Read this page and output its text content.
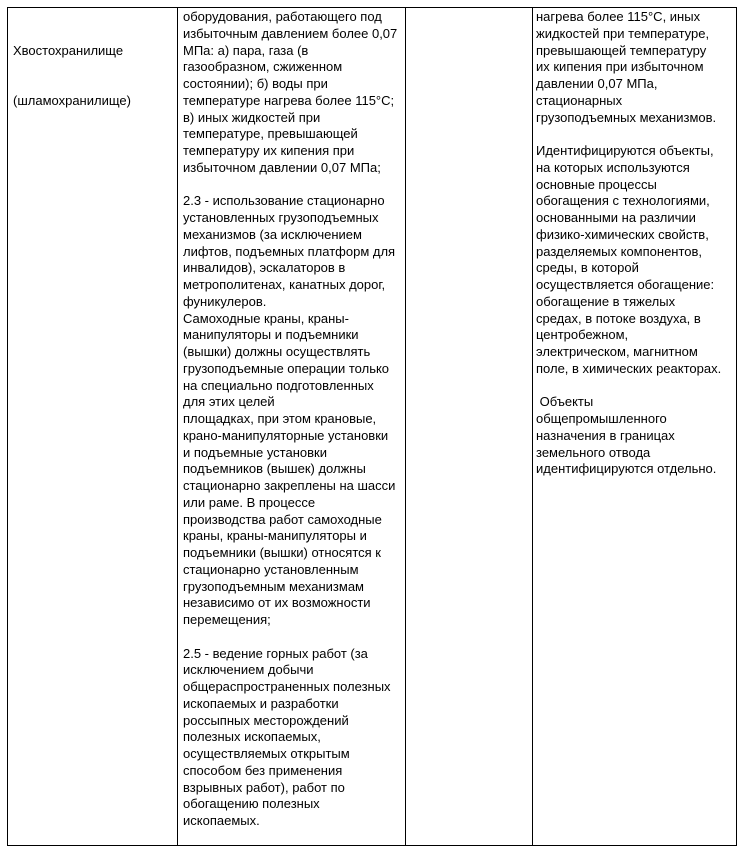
Хвостохранилище

(шламохранилище)

оборудования, работающего под
избыточным давлением более 0,07
МПа: а) пара, газа (в
газообразном, сжиженном
состоянии); б) воды при
температуре нагрева более 115°С;
в) иных жидкостей при
температуре, превышающей
температуру их кипения при
избыточном давлении 0,07 МПа;
2.3 - использование стационарно
установленных грузоподъемных
механизмов (за исключением
лифтов, подъемных платформ для
инвалидов), эскалаторов в
метрополитенах, канатных дорог,
фуникулеров.
Самоходные краны, краны-
манипуляторы и подъемники
(вышки) должны осуществлять
грузоподъемные операции только
на специально подготовленных
для этих целей
площадках, при этом крановые,
крано-манипуляторные установки
и подъемные установки
подъемников (вышек) должны
стационарно закреплены на шасси
или раме. В процессе
производства работ самоходные
краны, краны-манипуляторы и
подъемники (вышки) относятся к
стационарно установленным
грузоподъемным механизмам
независимо от их возможности
перемещения;
2.5 - ведение горных работ (за
исключением добычи
общераспространенных полезных
ископаемых и разработки
россыпных месторождений
полезных ископаемых,
осуществляемых открытым
способом без применения
взрывных работ), работ по
обогащению полезных
ископаемых.
нагрева более 115°С, иных
жидкостей при температуре,
превышающей температуру
их кипения при избыточном
давлении 0,07 МПа,
стационарных
грузоподъемных механизмов.
Идентифицируются объекты,
на которых используются
основные процессы
обогащения с технологиями,
основанными на различии
физико-химических свойств,
разделяемых компонентов,
среды, в которой
осуществляется обогащение:
обогащение в тяжелых
средах, в потоке воздуха, в
центробежном,
электрическом, магнитном
поле, в химических реакторах.
Объекты
общепромышленного
назначения в границах
земельного отвода
идентифицируются отдельно.
